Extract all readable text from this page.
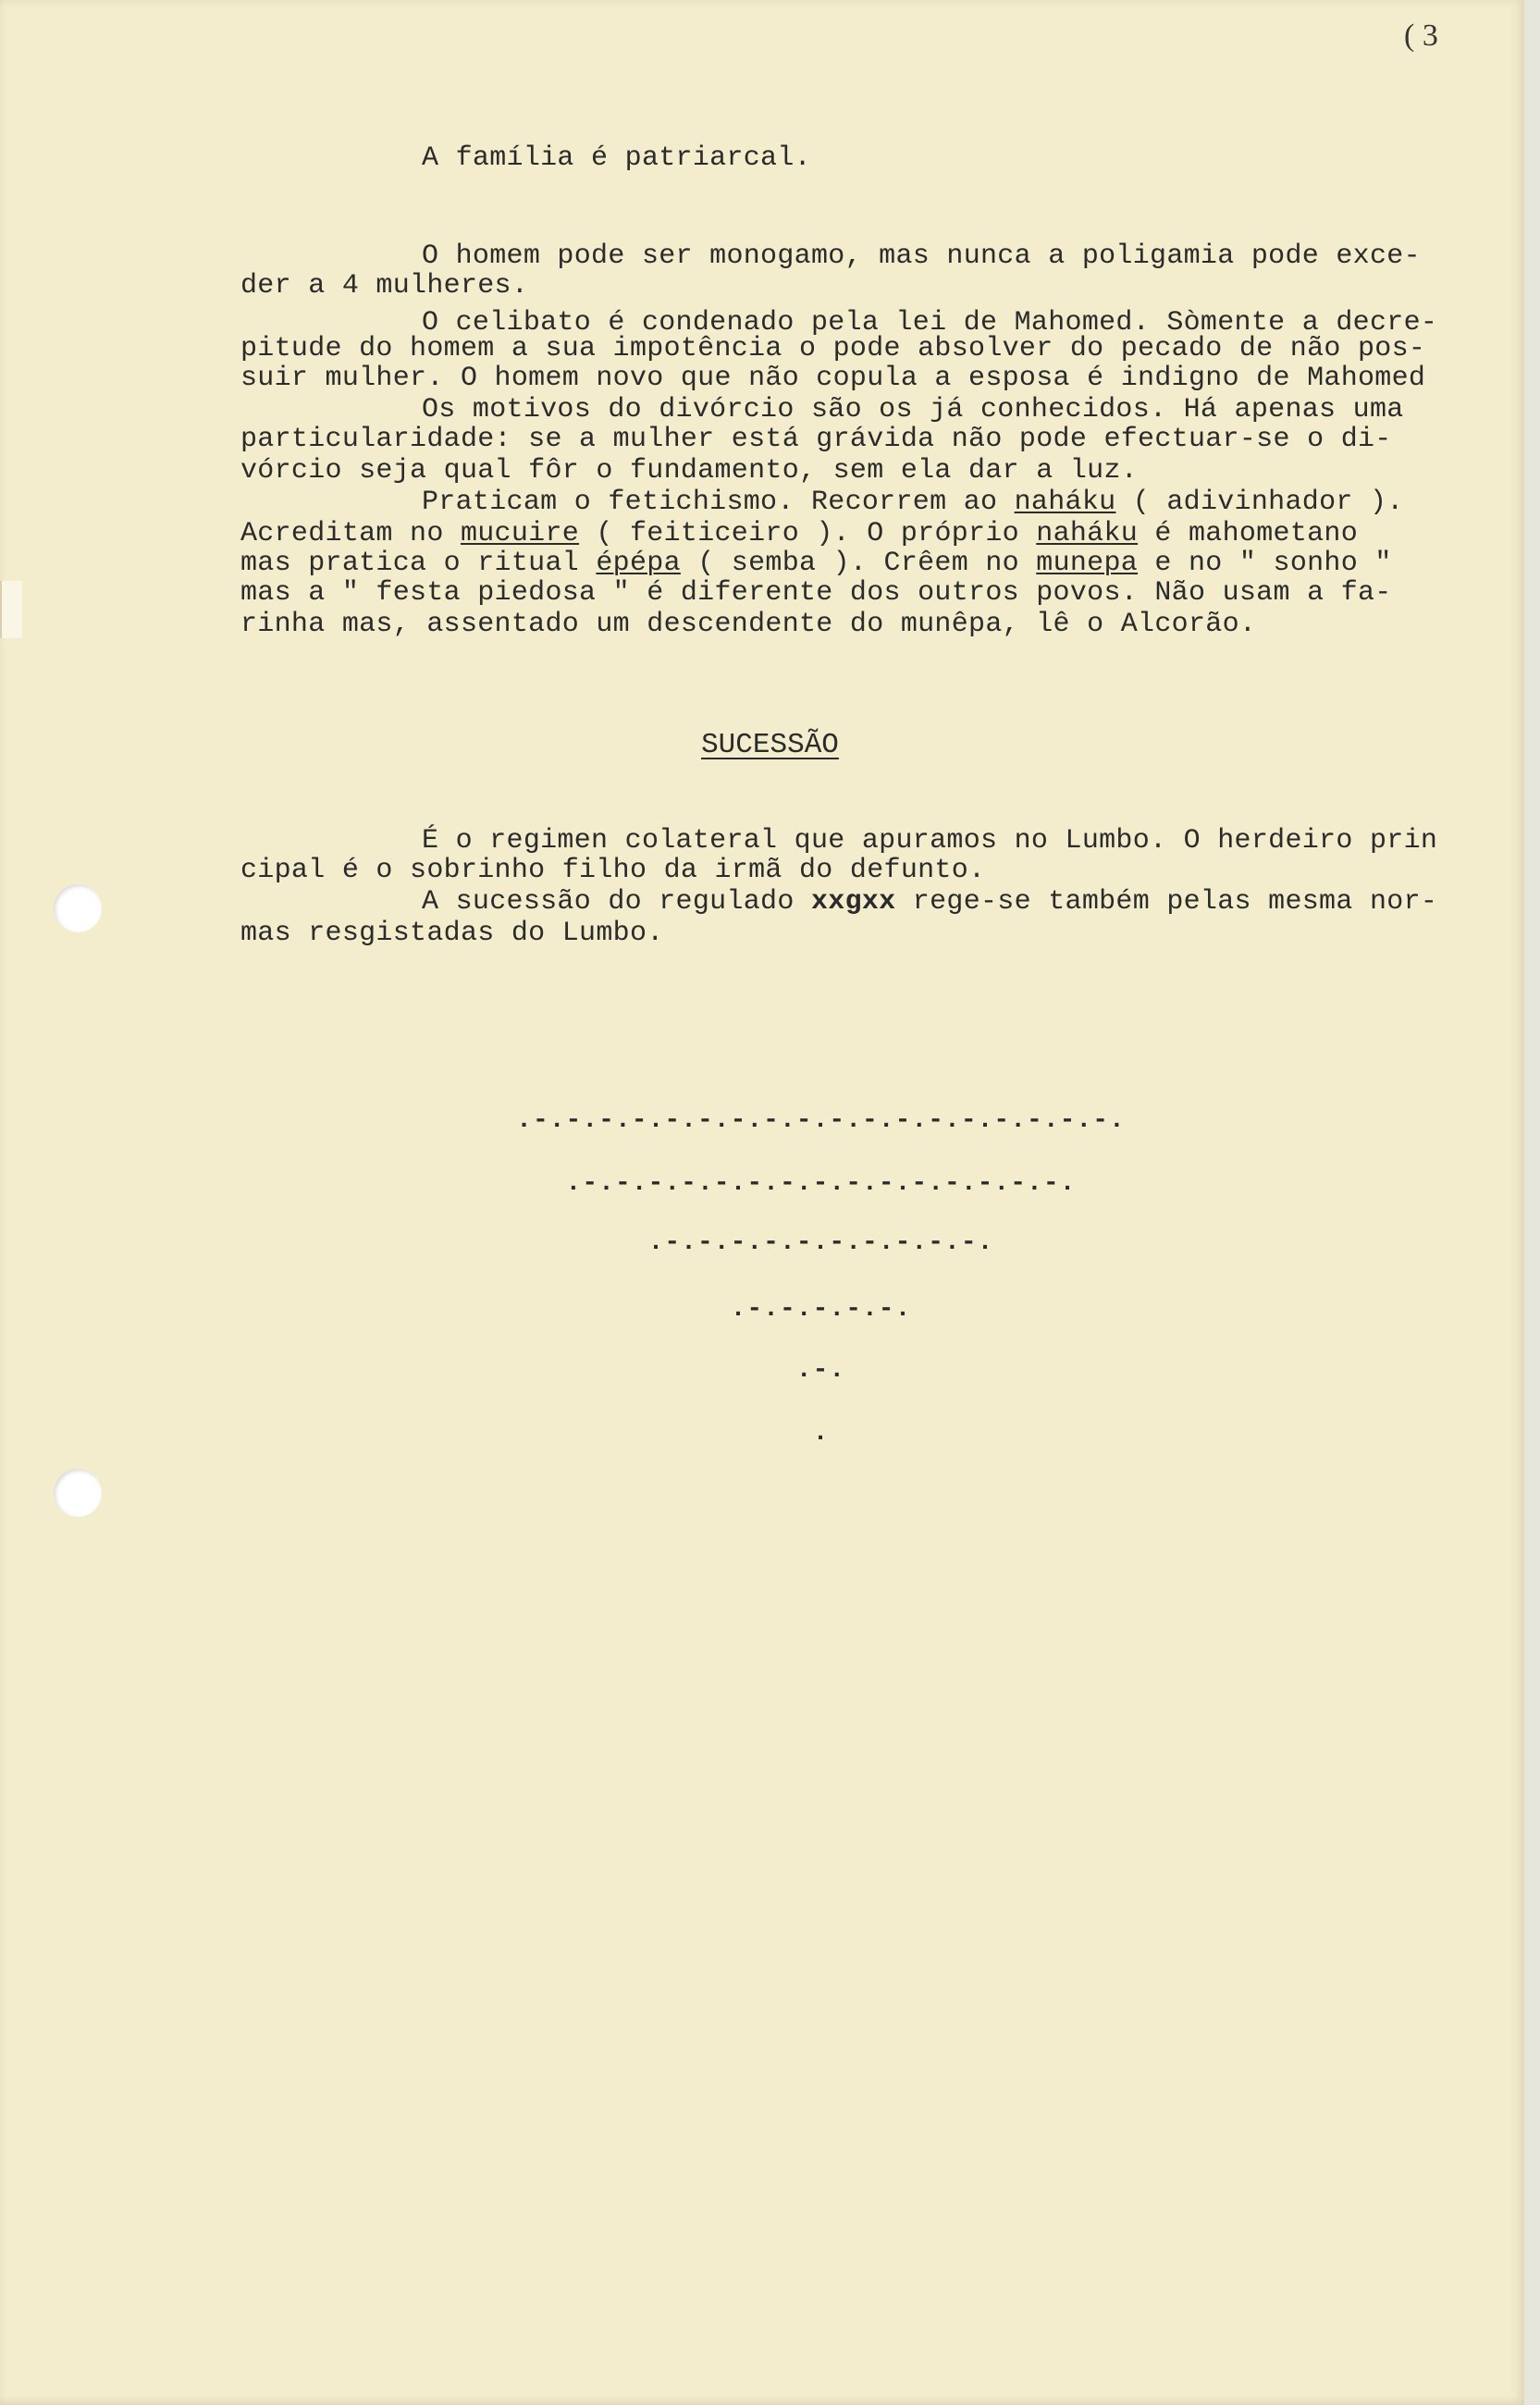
( 3
A família é patriarcal.
O homem pode ser monogamo, mas nunca a poligamia pode exce-
der a 4 mulheres.
O celibato é condenado pela lei de Mahomed. Sòmente a decre-
pitude do homem a sua impotência o pode absolver do pecado de não pos-
suir mulher. O homem novo que não copula a esposa é indigno de Mahomed
Os motivos do divórcio são os já conhecidos. Há apenas uma
particularidade: se a mulher está grávida não pode efectuar-se o di-
vórcio seja qual fôr o fundamento, sem ela dar a luz.
Praticam o fetichismo. Recorrem ao naháku ( adivinhador ).
Acreditam no mucuire ( feiticeiro ). O próprio naháku é mahometano
mas pratica o ritual épépa ( semba ). Crêem no munepa e no " sonho "
mas a " festa piedosa " é diferente dos outros povos. Não usam a fa-
rinha mas, assentado um descendente do munêpa, lê o Alcorão.
SUCESSÃO
É o regimen colateral que apuramos no Lumbo. O herdeiro prin
cipal é o sobrinho filho da irmã do defunto.
A sucessão do regulado xxgxx rege-se também pelas mesma nor-
mas resgistadas do Lumbo.
.-.-.-.-.-.-.-.-.-.-.-.-.-.-.-.-.-.-.
.-.-.-.-.-.-.-.-.-.-.-.-.-.-.-.
.-.-.-.-.-.-.-.-.-.-.
.-.-.-.-.-.
.-.
.
